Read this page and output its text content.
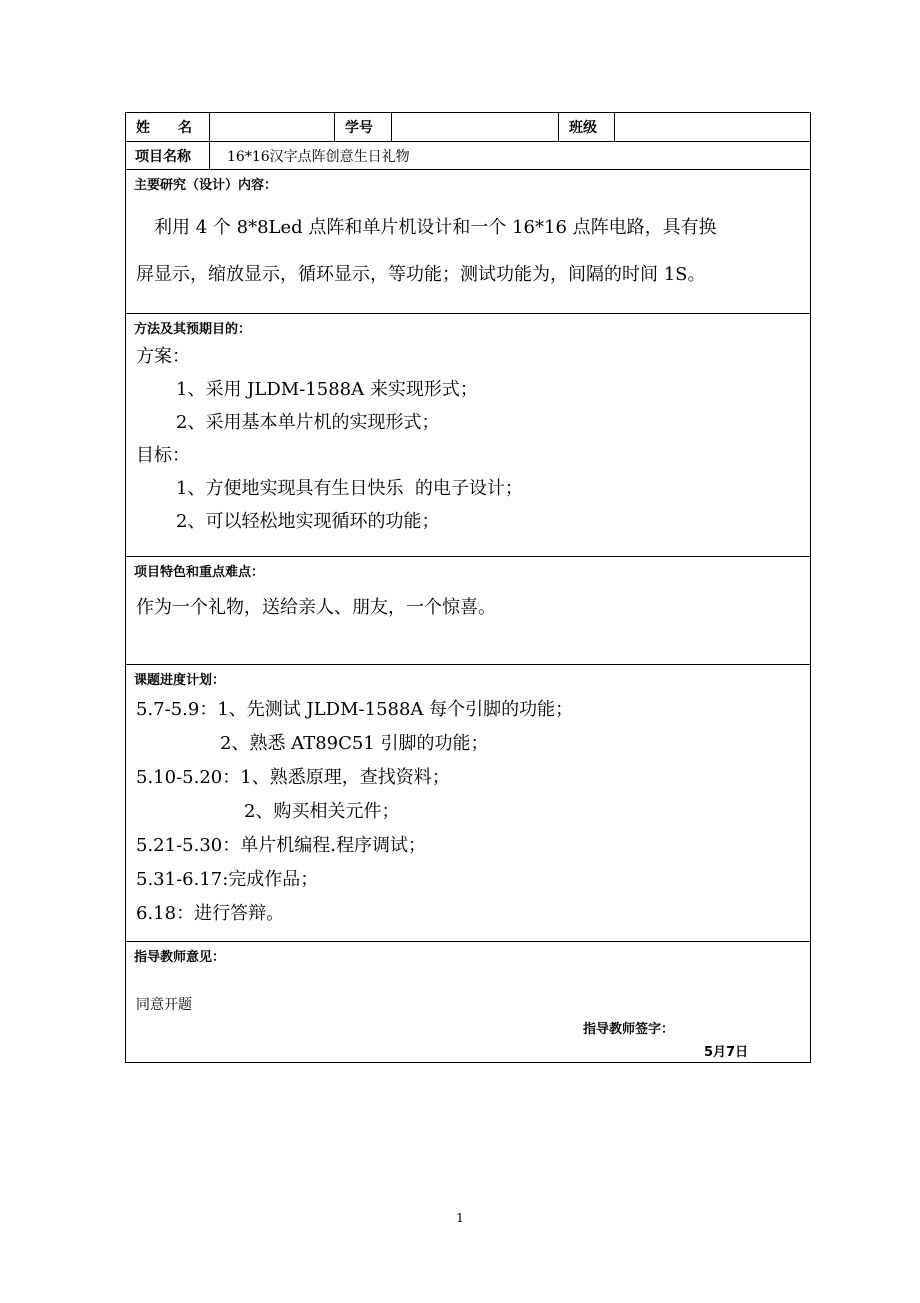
姓　　名	学号	班级
项目名称	16*16汉字点阵创意生日礼物
主要研究（设计）内容：

　利用 4 个 8*8Led 点阵和单片机设计和一个 16*16 点阵电路，具有换

屏显示，缩放显示，循环显示，等功能；测试功能为，间隔的时间 1S。

方法及其预期目的：

方案：

1、采用 JLDM-1588A 来实现形式；

2、采用基本单片机的实现形式；

目标：

1、方便地实现具有生日快乐  的电子设计；

2、可以轻松地实现循环的功能；

项目特色和重点难点：

作为一个礼物，送给亲人、朋友，一个惊喜。

课题进度计划：

5.7-5.9：1、先测试 JLDM-1588A 每个引脚的功能；

2、熟悉 AT89C51 引脚的功能；

5.10-5.20：1、熟悉原理，查找资料；

2、购买相关元件；

5.21-5.30：单片机编程.程序调试；

5.31-6.17:完成作品；

6.18：进行答辩。

指导教师意见：
同意开题
指导教师签字：
5月7日
1
